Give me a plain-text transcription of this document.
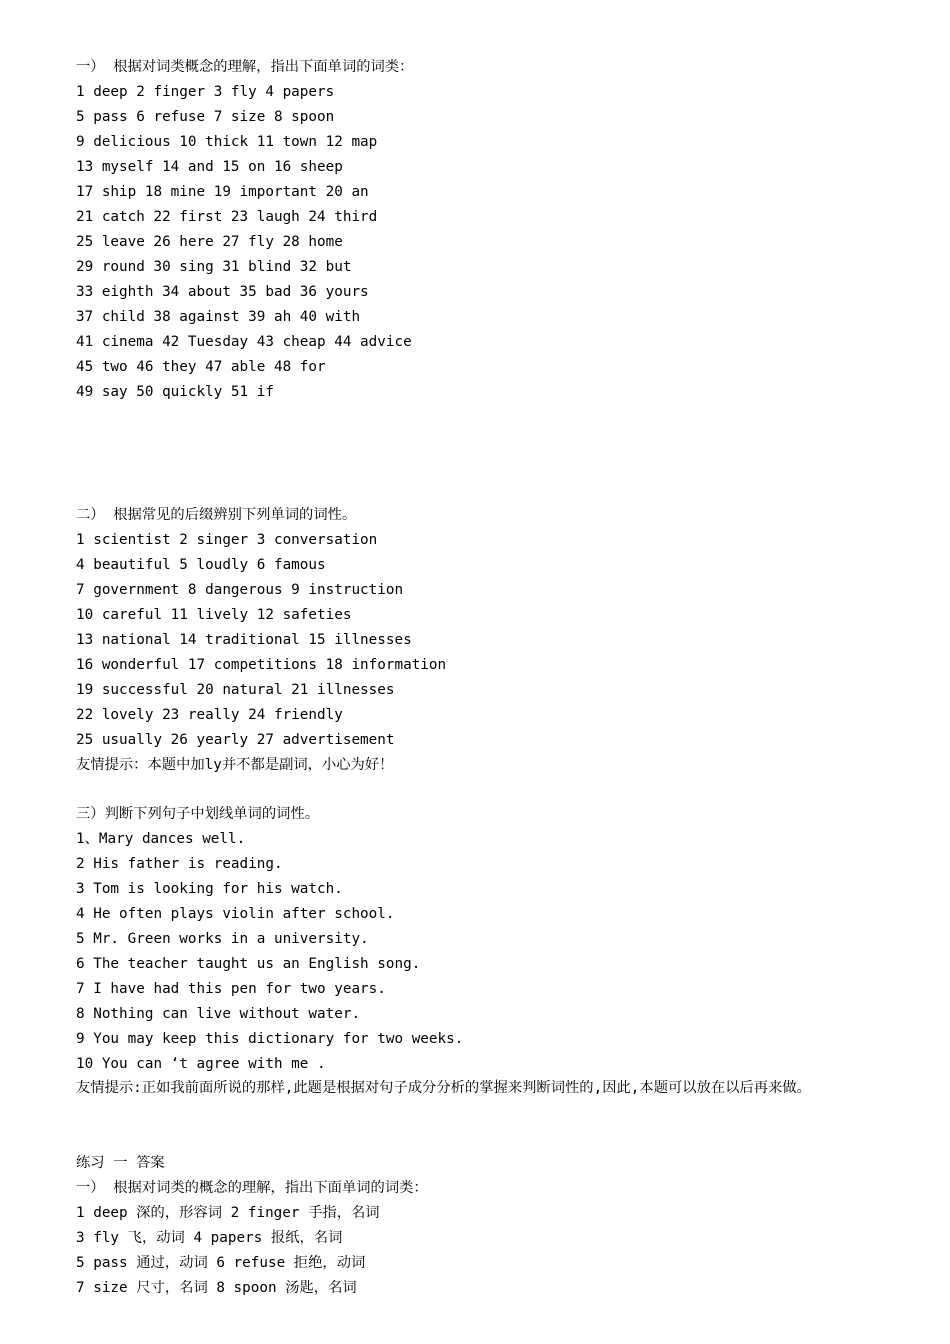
一） 根据对词类概念的理解，指出下面单词的词类：
1 deep 2 finger 3 fly 4 papers
5 pass 6 refuse 7 size 8 spoon
9 delicious 10 thick 11 town 12 map
13 myself 14 and 15 on 16 sheep
17 ship 18 mine 19 important 20 an
21 catch 22 first 23 laugh 24 third
25 leave 26 here 27 fly 28 home
29 round 30 sing 31 blind 32 but
33 eighth 34 about 35 bad 36 yours
37 child 38 against 39 ah 40 with
41 cinema 42 Tuesday 43 cheap 44 advice
45 two 46 they 47 able 48 for
49 say 50 quickly 51 if
二） 根据常见的后缀辨别下列单词的词性。
1 scientist 2 singer 3 conversation
4 beautiful 5 loudly 6 famous
7 government 8 dangerous 9 instruction
10 careful 11 lively 12 safeties
13 national 14 traditional 15 illnesses
16 wonderful 17 competitions 18 information
19 successful 20 natural 21 illnesses
22 lovely 23 really 24 friendly
25 usually 26 yearly 27 advertisement
友情提示：本题中加ly并不都是副词，小心为好！
三）判断下列句子中划线单词的词性。
1、Mary dances well.
2 His father is reading.
3 Tom is looking for his watch.
4 He often plays violin after school.
5 Mr. Green works in a university.
6 The teacher taught us an English song.
7 I have had this pen for two years.
8 Nothing can live without water.
9 You may keep this dictionary for two weeks.
10 You can ‘t agree with me .
友情提示:正如我前面所说的那样,此题是根据对句子成分分析的掌握来判断词性的,因此,本题可以放在以后再来做。
练习 一 答案
一） 根据对词类的概念的理解，指出下面单词的词类：
1 deep 深的，形容词 2 finger 手指，名词
3 fly 飞，动词 4 papers 报纸，名词
5 pass 通过，动词 6 refuse 拒绝，动词
7 size 尺寸，名词 8 spoon 汤匙，名词
